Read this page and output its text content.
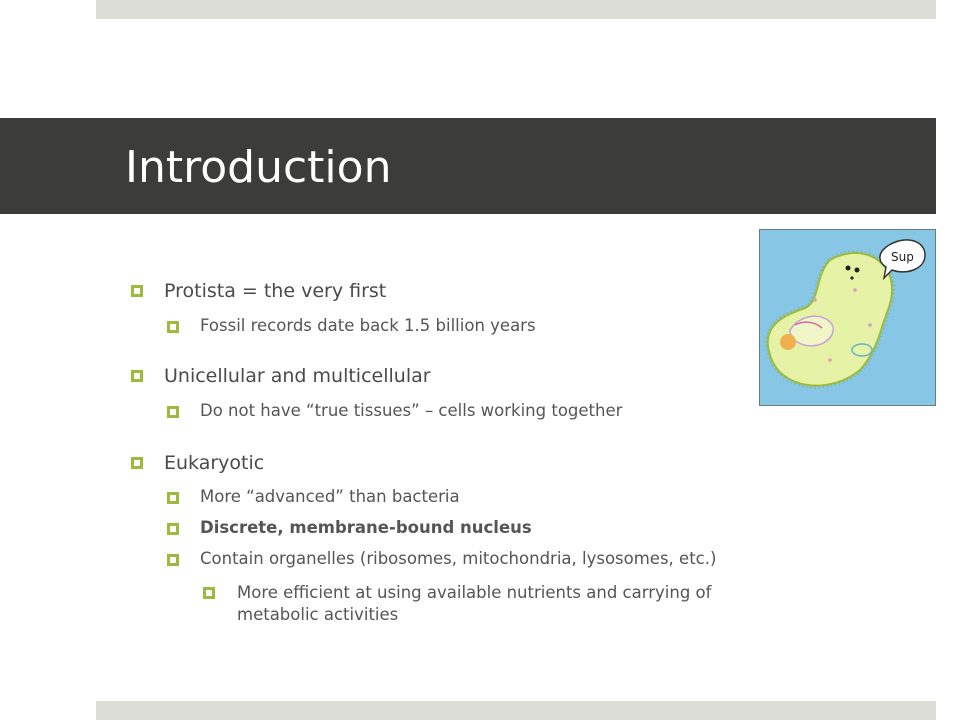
Introduction
Protista = the very first
Fossil records date back 1.5 billion years
Unicellular and multicellular
Do not have “true tissues” – cells working together
Eukaryotic
More “advanced” than bacteria
Discrete, membrane-bound nucleus
Contain organelles (ribosomes, mitochondria, lysosomes, etc.)
More efficient at using available nutrients and carrying of
metabolic activities
Sup
